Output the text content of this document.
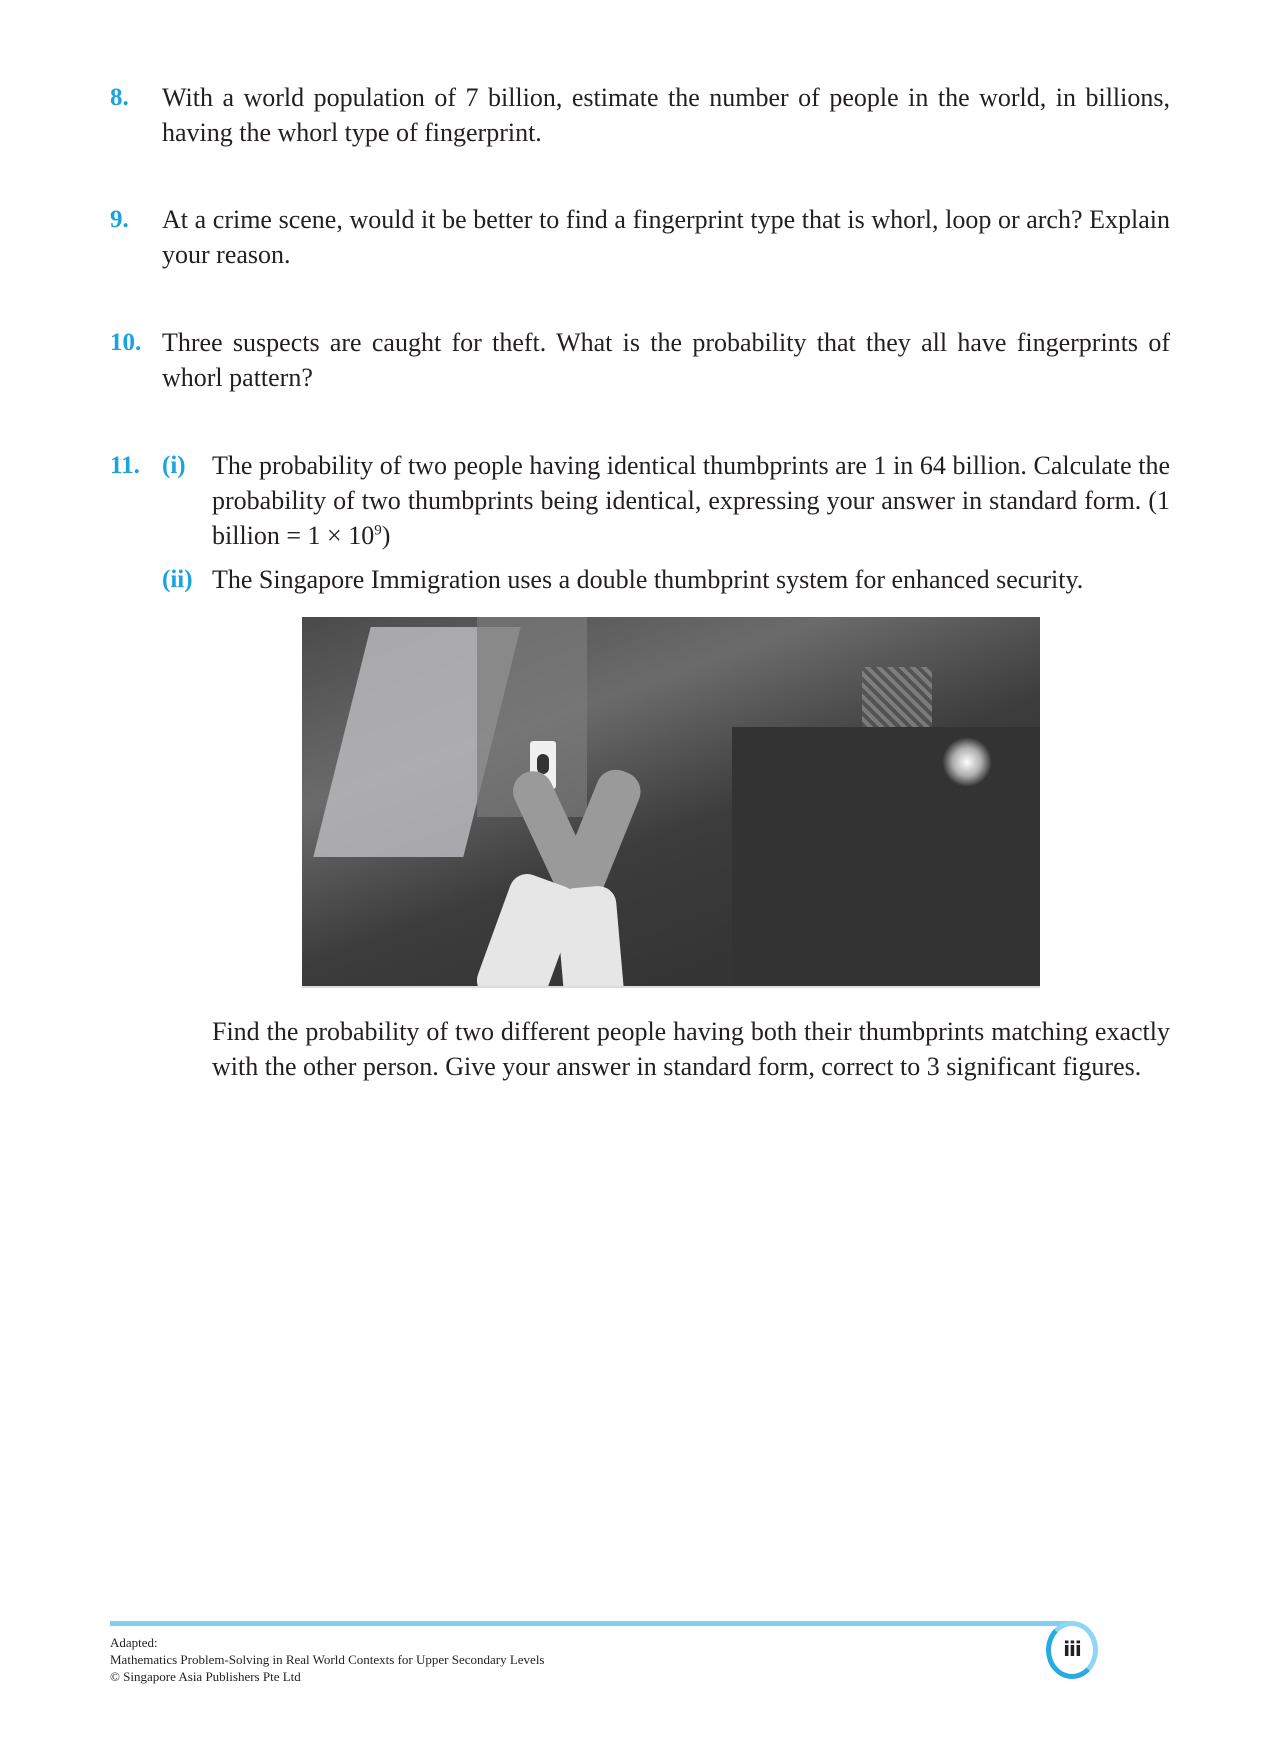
8. With a world population of 7 billion, estimate the number of people in the world, in billions, having the whorl type of fingerprint.
9. At a crime scene, would it be better to find a fingerprint type that is whorl, loop or arch? Explain your reason.
10. Three suspects are caught for theft. What is the probability that they all have fingerprints of whorl pattern?
11. (i) The probability of two people having identical thumbprints are 1 in 64 billion. Calculate the probability of two thumbprints being identical, expressing your answer in standard form. (1 billion = $1 \times 10^9$)
(ii) The Singapore Immigration uses a double thumbprint system for enhanced security.
Find the probability of two different people having both their thumbprints matching exactly with the other person. Give your answer in standard form, correct to 3 significant figures.
Adapted:
Mathematics Problem-Solving in Real World Contexts for Upper Secondary Levels
© Singapore Asia Publishers Pte Ltd
iii
